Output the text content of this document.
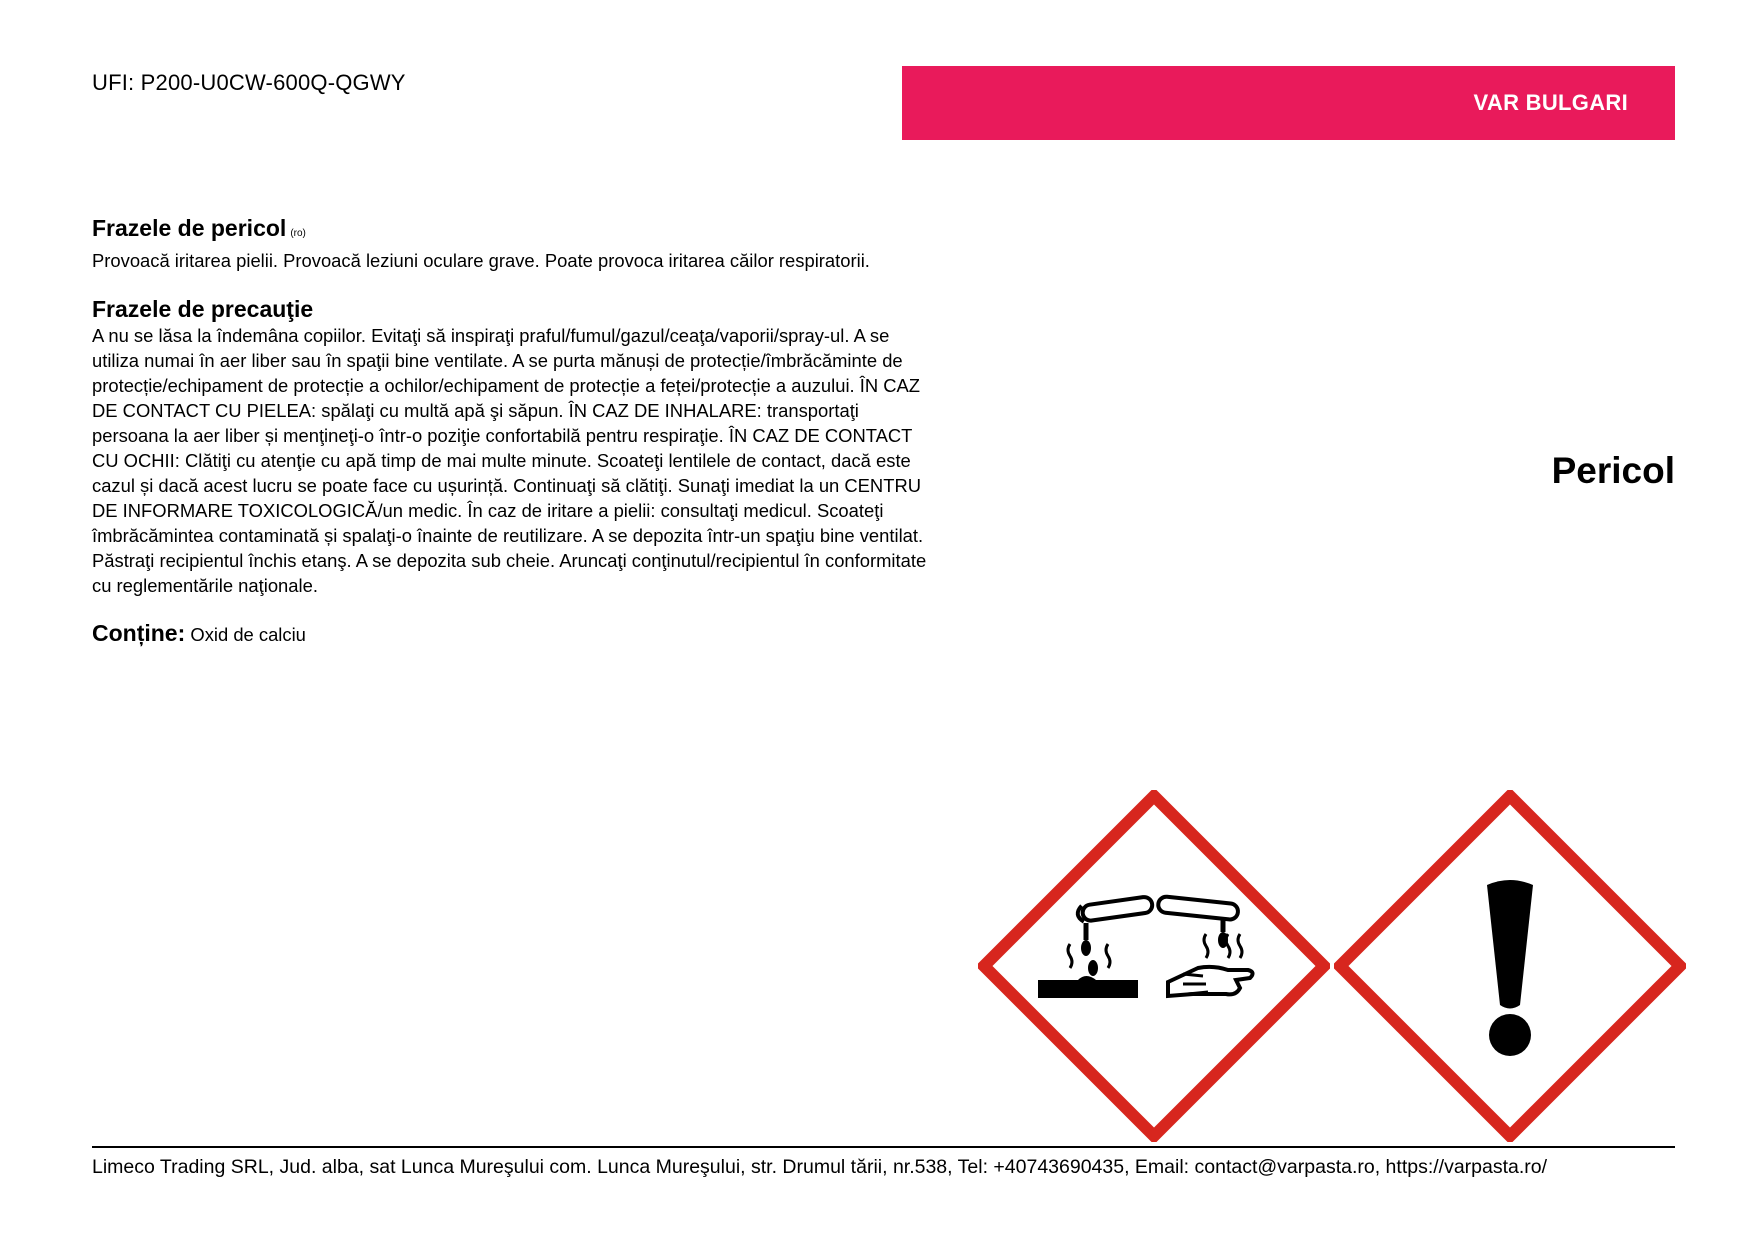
UFI: P200-U0CW-600Q-QGWY
VAR BULGARI

Frazele de pericol (ro)

Provoacă iritarea pielii. Provoacă leziuni oculare grave. Poate provoca iritarea căilor respiratorii.

Frazele de precauţie

A nu se lăsa la îndemâna copiilor. Evitaţi să inspiraţi praful/fumul/gazul/ceaţa/vaporii/spray-ul. A se utiliza numai în aer liber sau în spaţii bine ventilate. A se purta mănuși de protecție/îmbrăcăminte de protecție/echipament de protecție a ochilor/echipament de protecție a feței/protecție a auzului. ÎN CAZ DE CONTACT CU PIELEA: spălaţi cu multă apă şi săpun. ÎN CAZ DE INHALARE: transportaţi persoana la aer liber și menţineţi-o într-o poziţie confortabilă pentru respiraţie. ÎN CAZ DE CONTACT CU OCHII: Clătiţi cu atenţie cu apă timp de mai multe minute. Scoateţi lentilele de contact, dacă este cazul și dacă acest lucru se poate face cu ușurință. Continuaţi să clătiţi. Sunaţi imediat la un CENTRU DE INFORMARE TOXICOLOGICĂ/un medic. În caz de iritare a pielii: consultaţi medicul. Scoateţi îmbrăcămintea contaminată și spalaţi-o înainte de reutilizare. A se depozita într-un spaţiu bine ventilat. Păstraţi recipientul închis etanş. A se depozita sub cheie. Aruncaţi conţinutul/recipientul în conformitate cu reglementările naţionale.

Conține: Oxid de calciu
Pericol
Limeco Trading SRL, Jud. alba, sat Lunca Mureşului com. Lunca Mureşului, str. Drumul tării, nr.538, Tel: +40743690435, Email: contact@varpasta.ro, https://varpasta.ro/
